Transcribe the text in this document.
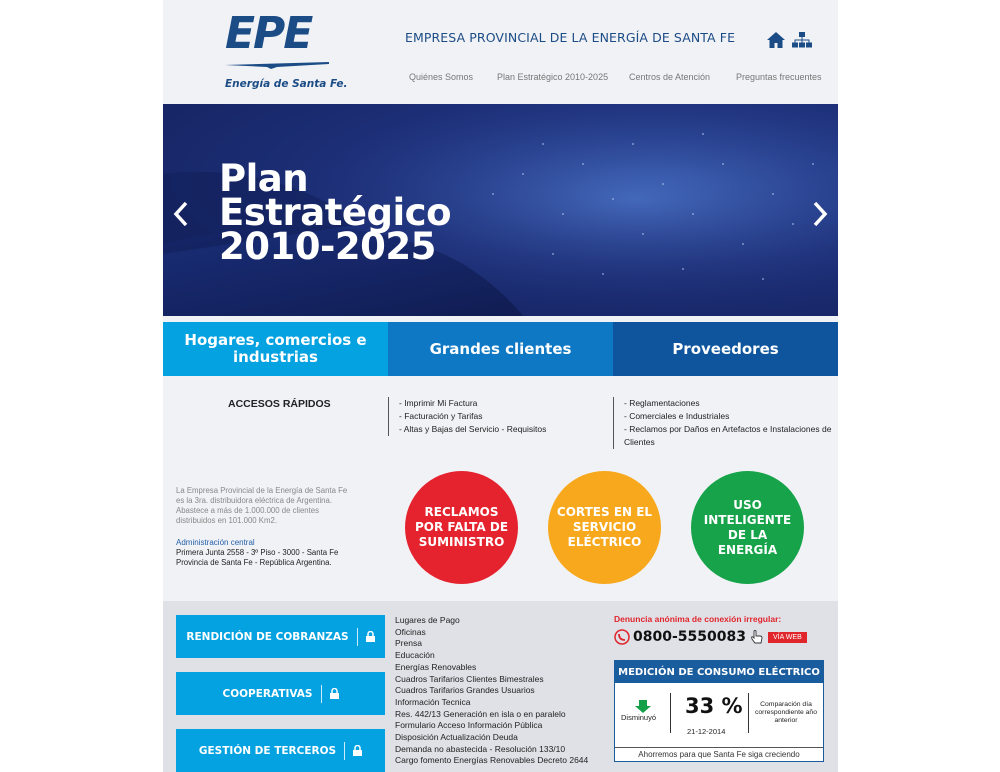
EPE
Energía de Santa Fe.
EMPRESA PROVINCIAL DE LA ENERGÍA DE SANTA FE
Quiénes Somos	Plan Estratégico 2010-2025 Centros de Atención	Preguntas frecuentes
Plan
Estratégico
2010-2025
Hogares, comercios e industrias	Grandes clientes	Proveedores
ACCESOS RÁPIDOS	- Imprimir Mi Factura
- Facturación y Tarifas
- Altas y Bajas del Servicio - Requisitos
- Reglamentaciones
- Comerciales e Industriales
- Reclamos por Daños en Artefactos e Instalaciones de
Clientes
La Empresa Provincial de la Energía de Santa Fe es la 3ra. distribuidora eléctrica de Argentina. Abastece a más de 1.000.000 de clientes distribuidos en 101.000 Km2.
Administración central
Primera Junta 2558 - 3º Piso - 3000 - Santa Fe
Provincia de Santa Fe - República Argentina.
RECLAMOS POR FALTA DE SUMINISTRO
CORTES EN EL SERVICIO ELÉCTRICO
USO INTELIGENTE DE LA ENERGÍA
RENDICIÓN DE COBRANZAS
COOPERATIVAS
GESTIÓN DE TERCEROS
Lugares de Pago
Oficinas
Prensa
Educación
Energías Renovables
Cuadros Tarifarios Clientes Bimestrales
Cuadros Tarifarios Grandes Usuarios
Información Tecnica
Res. 442/13 Generación en isla o en paralelo
Formulario Acceso Información Pública
Disposición Actualización Deuda
Demanda no abastecida - Resolución 133/10
Cargo fomento Energías Renovables Decreto 2644
Denuncia anónima de conexión irregular:
0800-5550083	VÍA WEB
MEDICIÓN DE CONSUMO ELÉCTRICO
Disminuyó 33 %
21-12-2014
Comparación día correspondiente año anterior
Ahorremos para que Santa Fe siga creciendo
